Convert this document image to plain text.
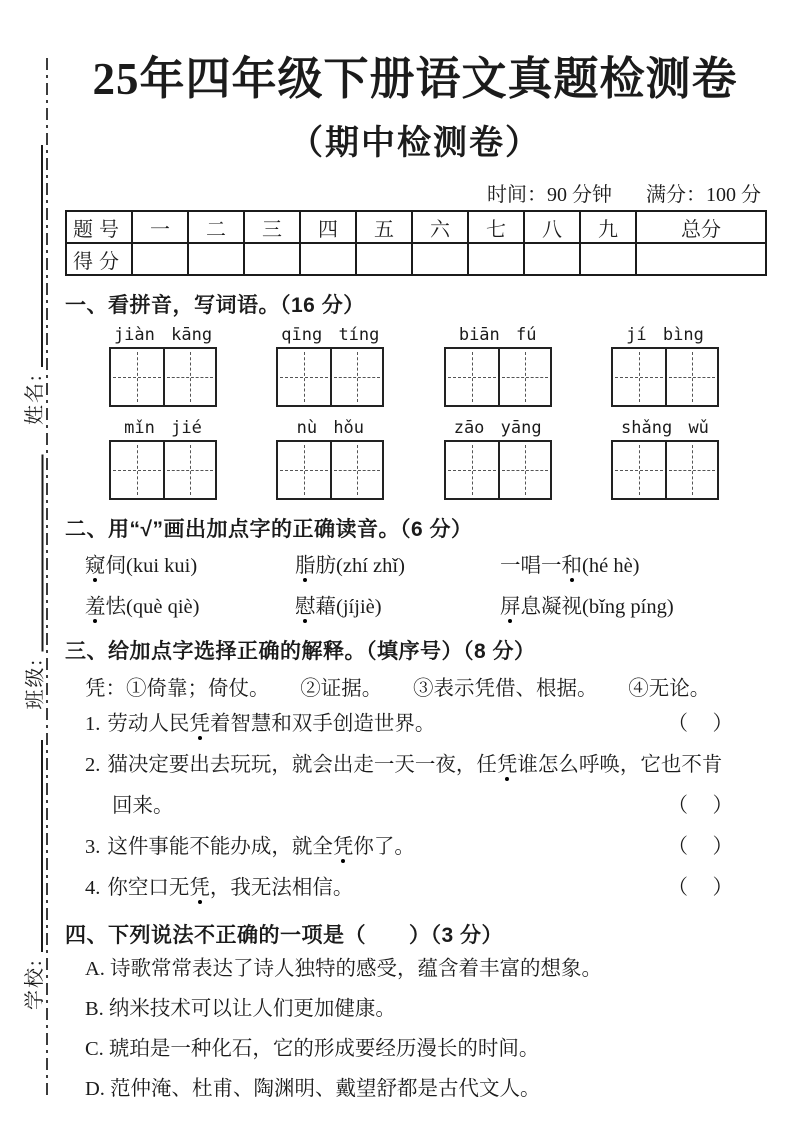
姓名:
班级:
学校:
25年四年级下册语文真题检测卷
（期中检测卷）
时间：90 分钟 满分：100 分
题号	一	二	三	四	五	六	七	八	九	总分
得分										
一、看拼音，写词语。（16 分）
jiàn kāng	qīng tíng	biān fú	jí bìng
mǐn jié	nù hǒu	zāo yāng	shǎng wǔ
二、用“√”画出加点字的正确读音。（6 分）
窥伺(kui kui)	脂肪(zhí zhǐ)	一唱一和(hé hè)
羞怯(què qiè)	慰藉(jíjiè)	屏息凝视(bǐng píng)
三、给加点字选择正确的解释。（填序号）（8 分）
凭：①倚靠；倚仗。　　②证据。　　③表示凭借、根据。　　④无论。
1. 劳动人民凭着智慧和双手创造世界。	（　）
2. 猫决定要出去玩玩，就会出走一天一夜，任凭谁怎么呼唤，它也不肯
回来。	（　）
3. 这件事能不能办成，就全凭你了。	（　）
4. 你空口无凭，我无法相信。	（　）
四、下列说法不正确的一项是（　　）（3 分）
A. 诗歌常常表达了诗人独特的感受，蕴含着丰富的想象。
B. 纳米技术可以让人们更加健康。
C. 琥珀是一种化石，它的形成要经历漫长的时间。
D. 范仲淹、杜甫、陶渊明、戴望舒都是古代文人。
